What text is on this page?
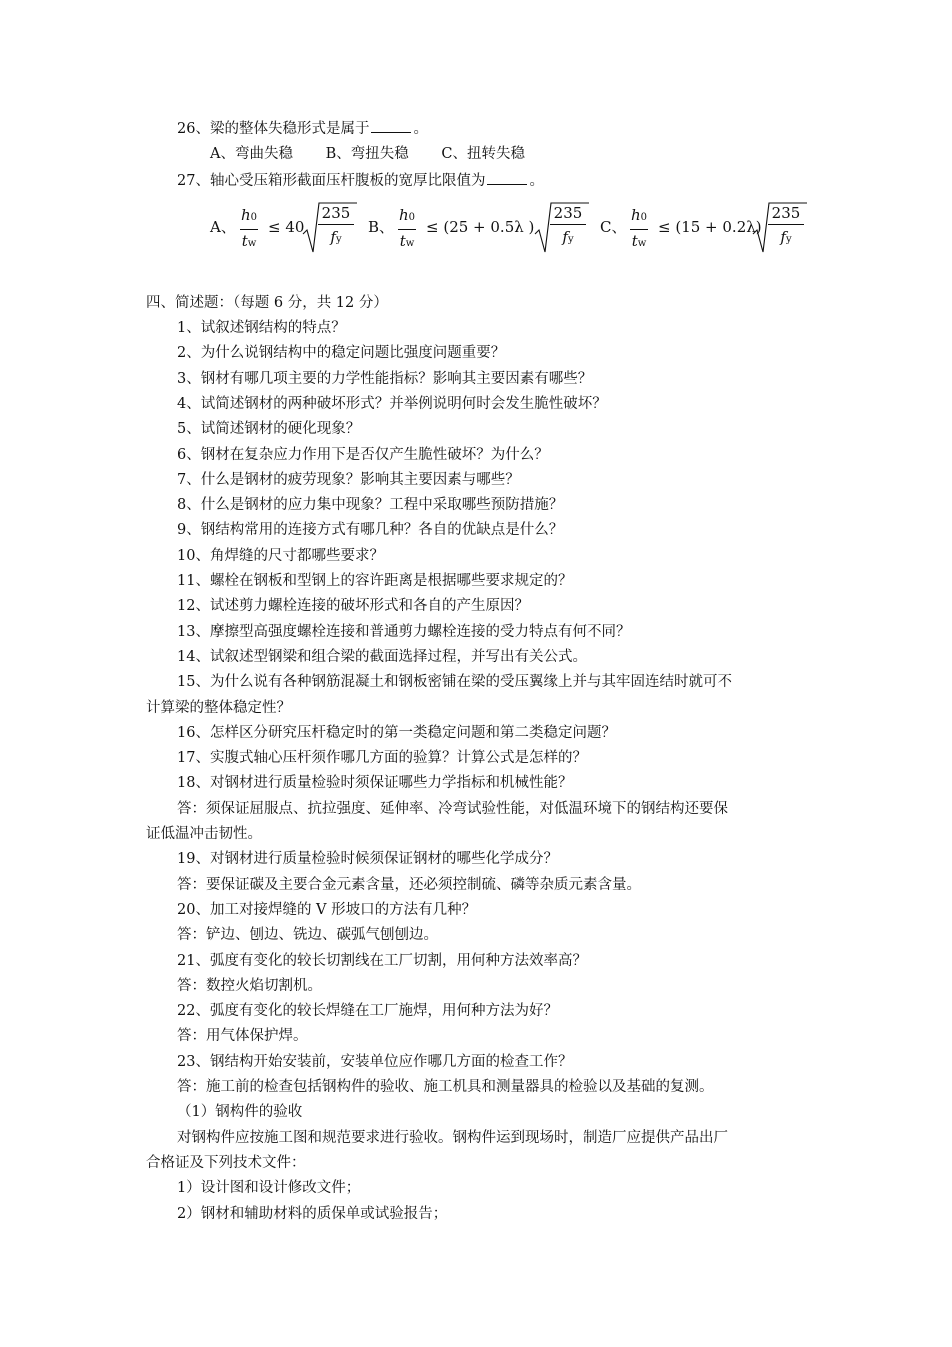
26、梁的整体失稳形式是属于	。
A、弯曲失稳 B、弯扭失稳 C、扭转失稳
27、轴心受压箱形截面压杆腹板的宽厚比限值为	。
A、 $\frac{h0}{tw} \le 40$
235
fy
B、 $\frac{h0}{tw} \le (25 + 0.5\lambda$ )
235
fy
C、 $\frac{h0}{tw} \le (15 + 0.2\lambda)$
235
fy
四、简述题：（每题 6 分，共 12 分）
1、试叙述钢结构的特点？
2、为什么说钢结构中的稳定问题比强度问题重要？
3、钢材有哪几项主要的力学性能指标？影响其主要因素有哪些？
4、试简述钢材的两种破坏形式？并举例说明何时会发生脆性破坏？
5、试简述钢材的硬化现象？
6、钢材在复杂应力作用下是否仅产生脆性破坏？为什么？
7、什么是钢材的疲劳现象？影响其主要因素与哪些？
8、什么是钢材的应力集中现象？工程中采取哪些预防措施？
9、钢结构常用的连接方式有哪几种？各自的优缺点是什么？
10、角焊缝的尺寸都哪些要求？
11、螺栓在钢板和型钢上的容许距离是根据哪些要求规定的？
12、试述剪力螺栓连接的破坏形式和各自的产生原因？
13、摩擦型高强度螺栓连接和普通剪力螺栓连接的受力特点有何不同？
14、试叙述型钢梁和组合梁的截面选择过程，并写出有关公式。
15、为什么说有各种钢筋混凝土和钢板密铺在梁的受压翼缘上并与其牢固连结时就可不
计算梁的整体稳定性？
16、怎样区分研究压杆稳定时的第一类稳定问题和第二类稳定问题？
17、实腹式轴心压杆须作哪几方面的验算？计算公式是怎样的？
18、对钢材进行质量检验时须保证哪些力学指标和机械性能？
答：须保证屈服点、抗拉强度、延伸率、冷弯试验性能，对低温环境下的钢结构还要保
证低温冲击韧性。
19、对钢材进行质量检验时候须保证钢材的哪些化学成分？
答：要保证碳及主要合金元素含量，还必须控制硫、磷等杂质元素含量。
20、加工对接焊缝的 V 形坡口的方法有几种？
答：铲边、刨边、铣边、碳弧气刨刨边。
21、弧度有变化的较长切割线在工厂切割，用何种方法效率高？
答：数控火焰切割机。
22、弧度有变化的较长焊缝在工厂施焊，用何种方法为好？
答：用气体保护焊。
23、钢结构开始安装前，安装单位应作哪几方面的检查工作？
答：施工前的检查包括钢构件的验收、施工机具和测量器具的检验以及基础的复测。
（1）钢构件的验收
对钢构件应按施工图和规范要求进行验收。钢构件运到现场时，制造厂应提供产品出厂
合格证及下列技术文件：
1）设计图和设计修改文件；
2）钢材和辅助材料的质保单或试验报告；
